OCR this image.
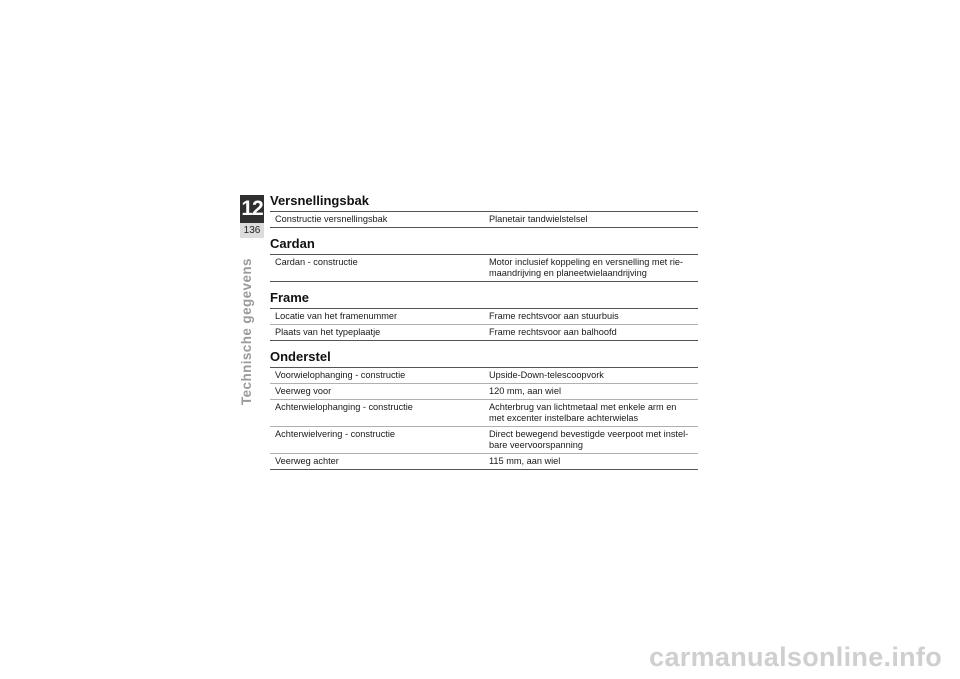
12
136
Technische gegevens
Versnellingsbak
Constructie versnellingsbak	Planetair tandwielstelsel
Cardan
Cardan - constructie	Motor inclusief koppeling en versnelling met rie-maandrijving en planeetwielaandrijving
Frame
Locatie van het framenummer	Frame rechtsvoor aan stuurbuis
Plaats van het typeplaatje	Frame rechtsvoor aan balhoofd
Onderstel
Voorwielophanging - constructie	Upside-Down-telescoopvork
Veerweg voor	120 mm, aan wiel
Achterwielophanging - constructie	Achterbrug van lichtmetaal met enkele arm en met excenter instelbare achterwielas
Achterwielvering - constructie	Direct bewegend bevestigde veerpoot met instel-bare veervoorspanning
Veerweg achter	115 mm, aan wiel
carmanualsonline.info
